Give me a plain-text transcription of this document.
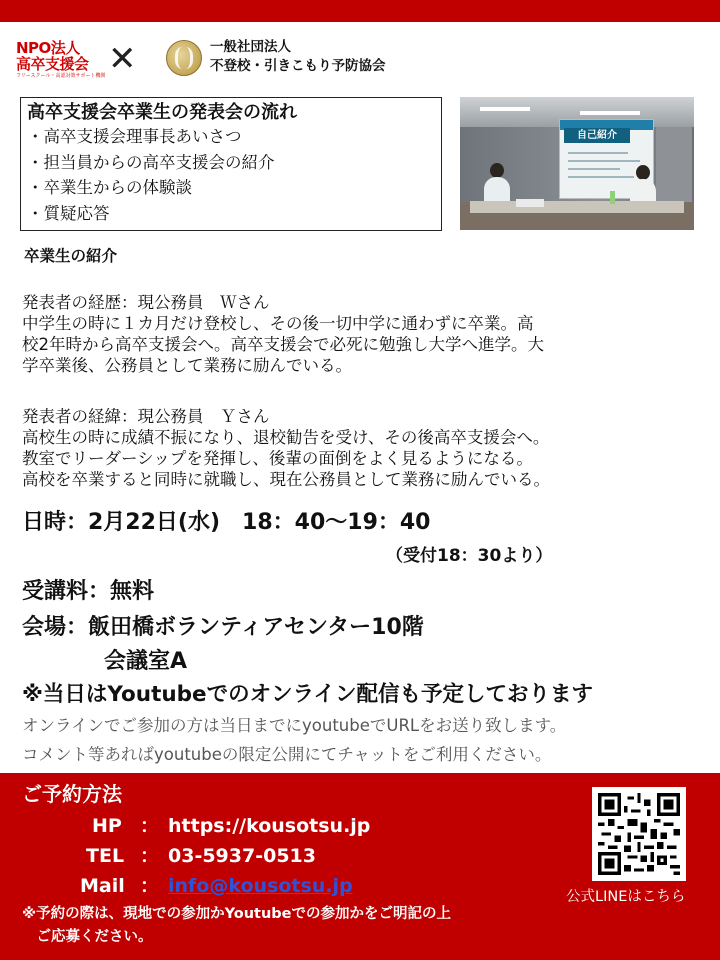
NPO法人
高卒支援会
フリースクール・高認対策サポート機関 ✕	一般社団法人
不登校・引きこもり予防協会
高卒支援会卒業生の発表会の流れ
・高卒支援会理事長あいさつ
・担当員からの高卒支援会の紹介
・卒業生からの体験談
・質疑応答
自己紹介
卒業生の紹介
発表者の経歴：現公務員　Ｗさん
中学生の時に１カ月だけ登校し、その後一切中学に通わずに卒業。高
校2年時から高卒支援会へ。高卒支援会で必死に勉強し大学へ進学。大
学卒業後、公務員として業務に励んでいる。
発表者の経緯：現公務員　Ｙさん
高校生の時に成績不振になり、退校勧告を受け、その後高卒支援会へ。
教室でリーダーシップを発揮し、後輩の面倒をよく見るようになる。
高校を卒業すると同時に就職し、現在公務員として業務に励んでいる。
日時：2月22日(水)　18：40～19：40
（受付18：30より）
受講料：無料
会場：飯田橋ボランティアセンター10階
会議室A
※当日はYoutubeでのオンライン配信も予定しております
オンラインでご参加の方は当日までにyoutubeでURLをお送り致します。
コメント等あればyoutubeの限定公開にてチャットをご利用ください。
ご予約方法
HP ： https://kousotsu.jp
TEL ： 03-5937-0513
Mail ： info@kousotsu.jp
※予約の際は、現地での参加かYoutubeでの参加かをご明記の上
　ご応募ください。
公式LINEはこちら
